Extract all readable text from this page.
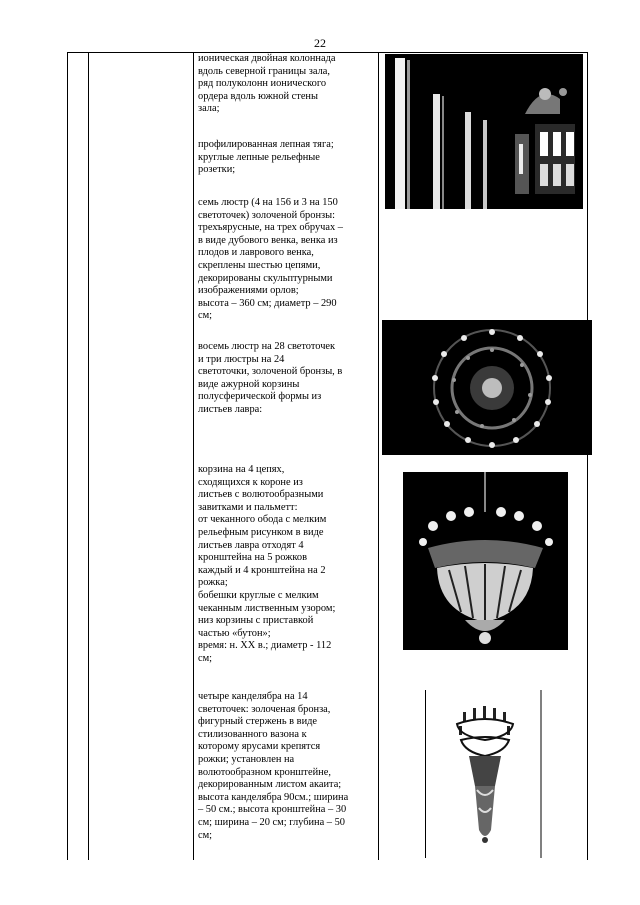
22

ионическая двойная колоннада

вдоль северной границы зала,

ряд полуколонн ионического

ордера вдоль южной стены

зала;

профилированная лепная тяга;

круглые лепные рельефные

розетки;

семь люстр (4 на 156 и 3 на 150

светоточек) золоченой бронзы:

трехъярусные, на трех обручах –

в виде дубового венка, венка из

плодов и лаврового венка,

скреплены шестью цепями,

декорированы скульптурными

изображениями орлов;

высота – 360 см; диаметр – 290

см;

восемь люстр на 28 светоточек

и три люстры на 24

светоточки, золоченой бронзы, в

виде ажурной корзины

полусферической формы из

листьев лавра:

корзина на 4 цепях,

сходящихся к короне из

листьев с волютообразными

завитками и пальметт:

от чеканного обода с мелким

рельефным рисунком в виде

листьев лавра отходят 4

кронштейна на 5 рожков

каждый и 4 кронштейна на 2

рожка;

бобешки круглые с мелким

чеканным лиственным узором;

низ корзины с приставкой

частью «бутон»;

время: н. XX в.; диаметр - 112

см;

четыре канделябра на 14

светоточек: золоченая бронза,

фигурный стержень в виде

стилизованного вазона к

которому ярусами крепятся

рожки; установлен на

волютообразном кронштейне,

декорированным листом акаита;

высота канделябра 90см.; ширина

– 50 см.; высота кронштейна – 30

см; ширина – 20 см; глубина – 50

см;
